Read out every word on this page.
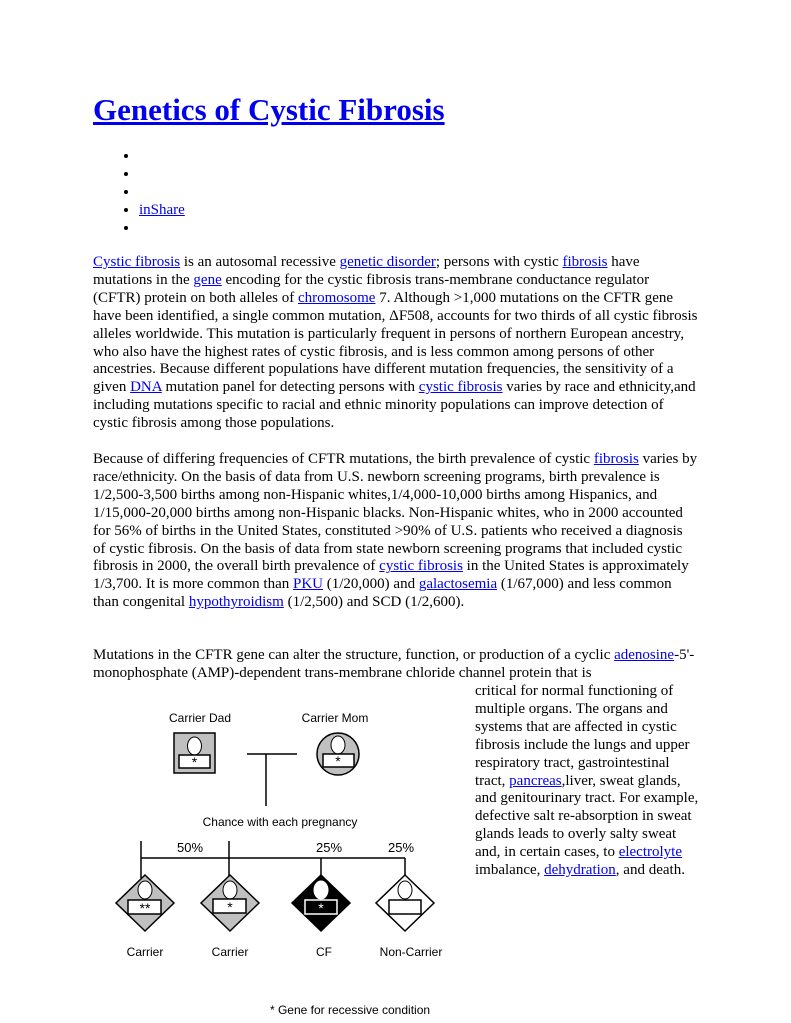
Genetics of Cystic Fibrosis
•
•
•
• inShare
•

Cystic fibrosis is an autosomal recessive genetic disorder; persons with cystic fibrosis have mutations in the gene encoding for the cystic fibrosis trans-membrane conductance regulator (CFTR) protein on both alleles of chromosome 7. Although >1,000 mutations on the CFTR gene have been identified, a single common mutation, ΔF508, accounts for two thirds of all cystic fibrosis alleles worldwide. This mutation is particularly frequent in persons of northern European ancestry, who also have the highest rates of cystic fibrosis, and is less common among persons of other ancestries. Because different populations have different mutation frequencies, the sensitivity of a given DNA mutation panel for detecting persons with cystic fibrosis varies by race and ethnicity,and including mutations specific to racial and ethnic minority populations can improve detection of cystic fibrosis among those populations.

Because of differing frequencies of CFTR mutations, the birth prevalence of cystic fibrosis varies by race/ethnicity. On the basis of data from U.S. newborn screening programs, birth prevalence is 1/2,500-3,500 births among non-Hispanic whites,1/4,000-10,000 births among Hispanics, and 1/15,000-20,000 births among non-Hispanic blacks. Non-Hispanic whites, who in 2000 accounted for 56% of births in the United States, constituted >90% of U.S. patients who received a diagnosis of cystic fibrosis. On the basis of data from state newborn screening programs that included cystic fibrosis in 2000, the overall birth prevalence of cystic fibrosis in the United States is approximately 1/3,700. It is more common than PKU (1/20,000) and galactosemia (1/67,000) and less common than congenital hypothyroidism (1/2,500) and SCD (1/2,600).

Mutations in the CFTR gene can alter the structure, function, or production of a cyclic adenosine-5'-monophosphate (AMP)-dependent trans-membrane chloride channel protein that is

critical for normal functioning of multiple organs. The organs and systems that are affected in cystic fibrosis include the lungs and upper respiratory tract, gastrointestinal tract, pancreas,liver, sweat glands, and genitourinary tract. For example, defective salt re-absorption in sweat glands leads to overly salty sweat and, in certain cases, to electrolyte imbalance, dehydration, and death.

Carrier Dad	Carrier Mom
*	*
Chance with each pregnancy
50%	25%	25%
**	*	*
Carrier	Carrier	CF	Non-Carrier
* Gene for recessive condition
